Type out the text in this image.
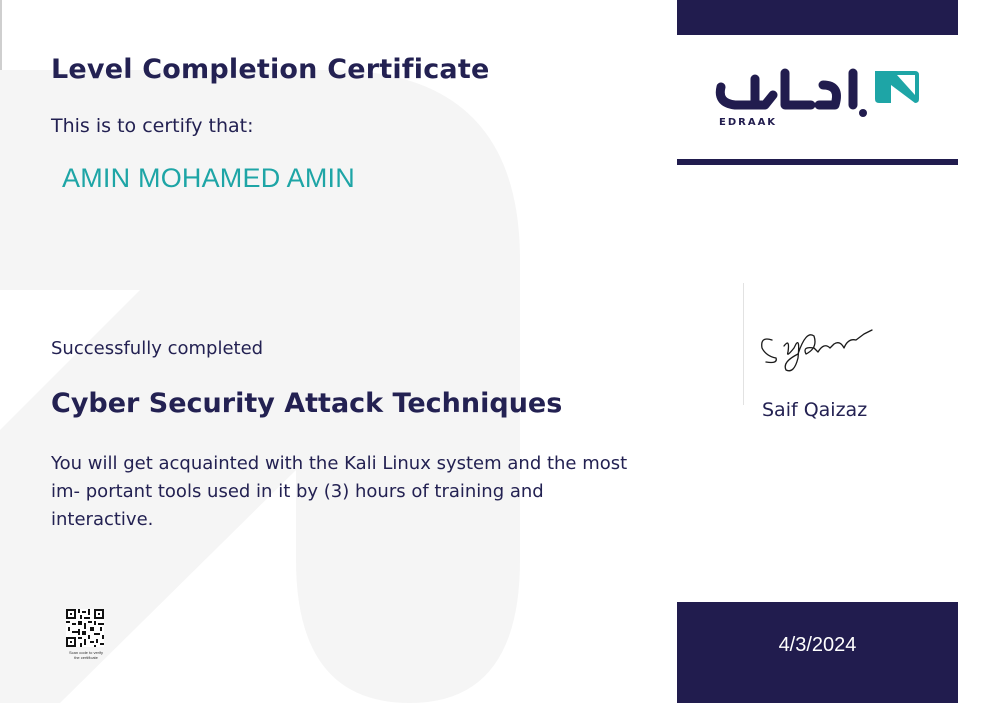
Level Completion Certificate
This is to certify that:
AMIN MOHAMED AMIN
Successfully completed
Cyber Security Attack Techniques
You will get acquainted with the Kali Linux system and the most im- portant tools used in it by (3) hours of training and interactive.
Scan code to verify the certificate
EDRAAK
Saif Qaizaz
4/3/2024
